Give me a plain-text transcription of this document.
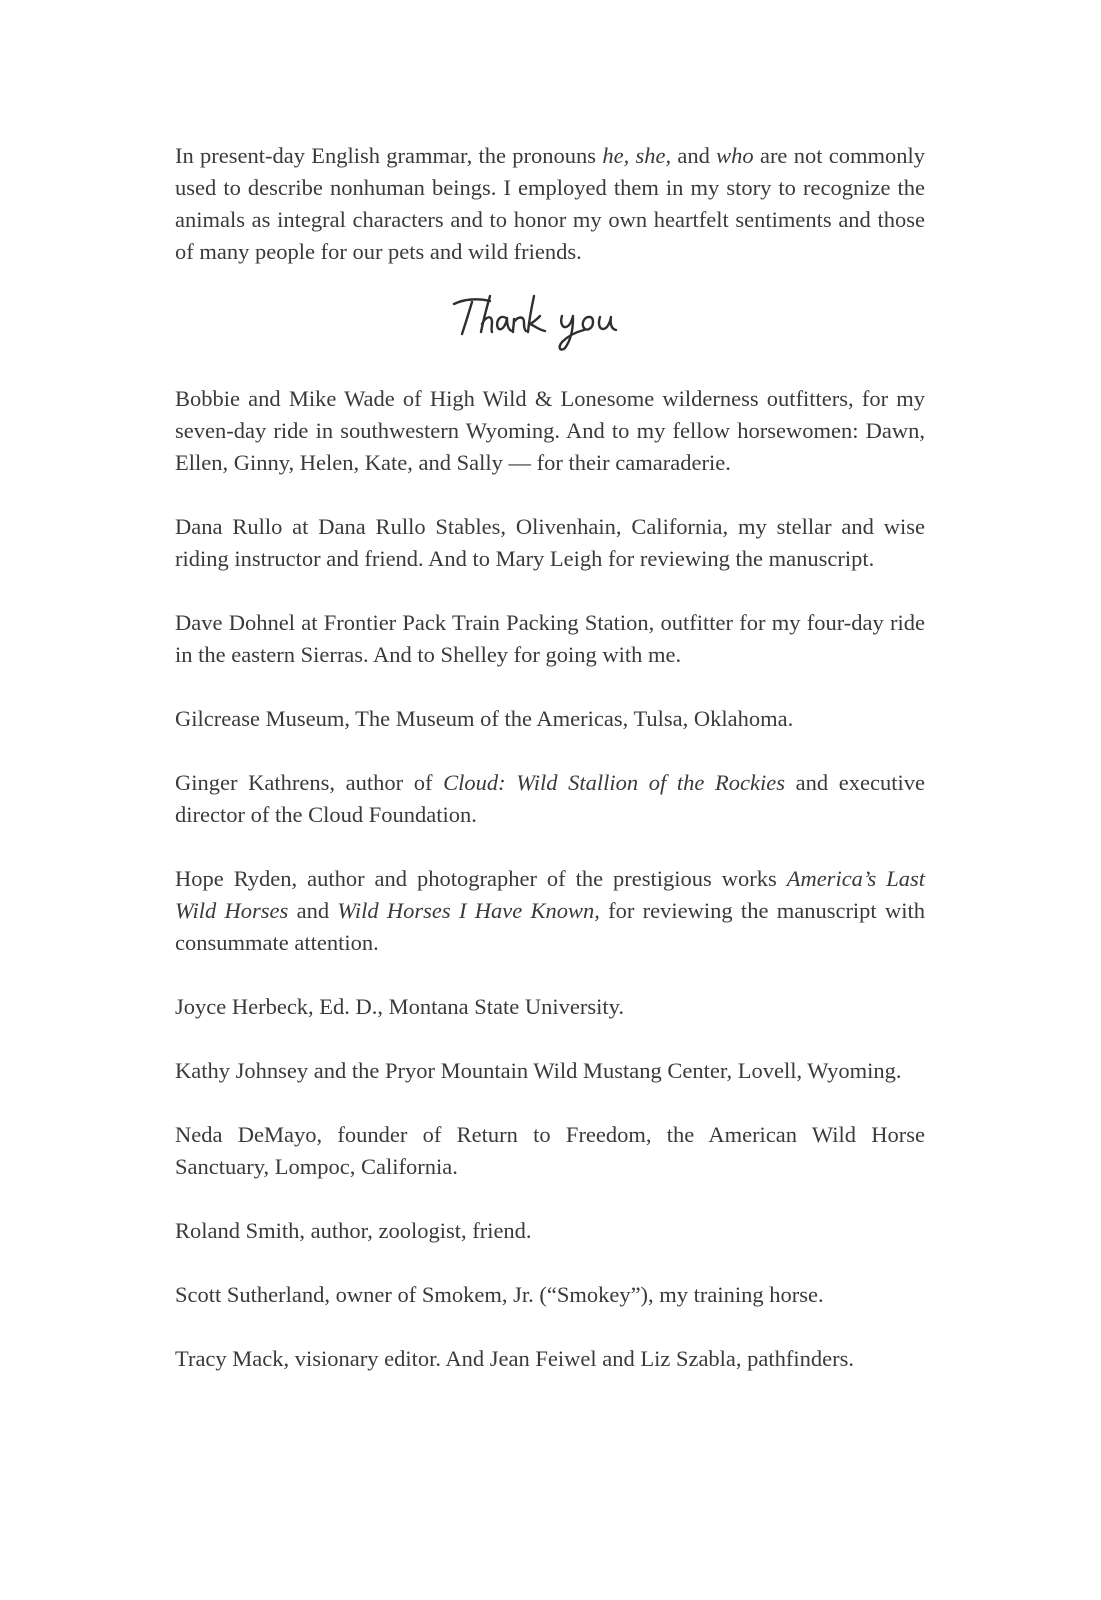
In present-day English grammar, the pronouns he, she, and who are not commonly used to describe nonhuman beings. I employed them in my story to recognize the animals as integral characters and to honor my own heartfelt sentiments and those of many people for our pets and wild friends.

Bobbie and Mike Wade of High Wild & Lonesome wilderness outfitters, for my seven-day ride in southwestern Wyoming. And to my fellow horsewomen: Dawn, Ellen, Ginny, Helen, Kate, and Sally — for their camaraderie.

Dana Rullo at Dana Rullo Stables, Olivenhain, California, my stellar and wise riding instructor and friend. And to Mary Leigh for reviewing the manuscript.

Dave Dohnel at Frontier Pack Train Packing Station, outfitter for my four-day ride in the eastern Sierras. And to Shelley for going with me.

Gilcrease Museum, The Museum of the Americas, Tulsa, Oklahoma.

Ginger Kathrens, author of Cloud: Wild Stallion of the Rockies and executive director of the Cloud Foundation.

Hope Ryden, author and photographer of the prestigious works America’s Last Wild Horses and Wild Horses I Have Known, for reviewing the manuscript with consummate attention.

Joyce Herbeck, Ed. D., Montana State University.

Kathy Johnsey and the Pryor Mountain Wild Mustang Center, Lovell, Wyoming.

Neda DeMayo, founder of Return to Freedom, the American Wild Horse Sanctuary, Lompoc, California.

Roland Smith, author, zoologist, friend.

Scott Sutherland, owner of Smokem, Jr. (“Smokey”), my training horse.

Tracy Mack, visionary editor. And Jean Feiwel and Liz Szabla, pathfinders.
